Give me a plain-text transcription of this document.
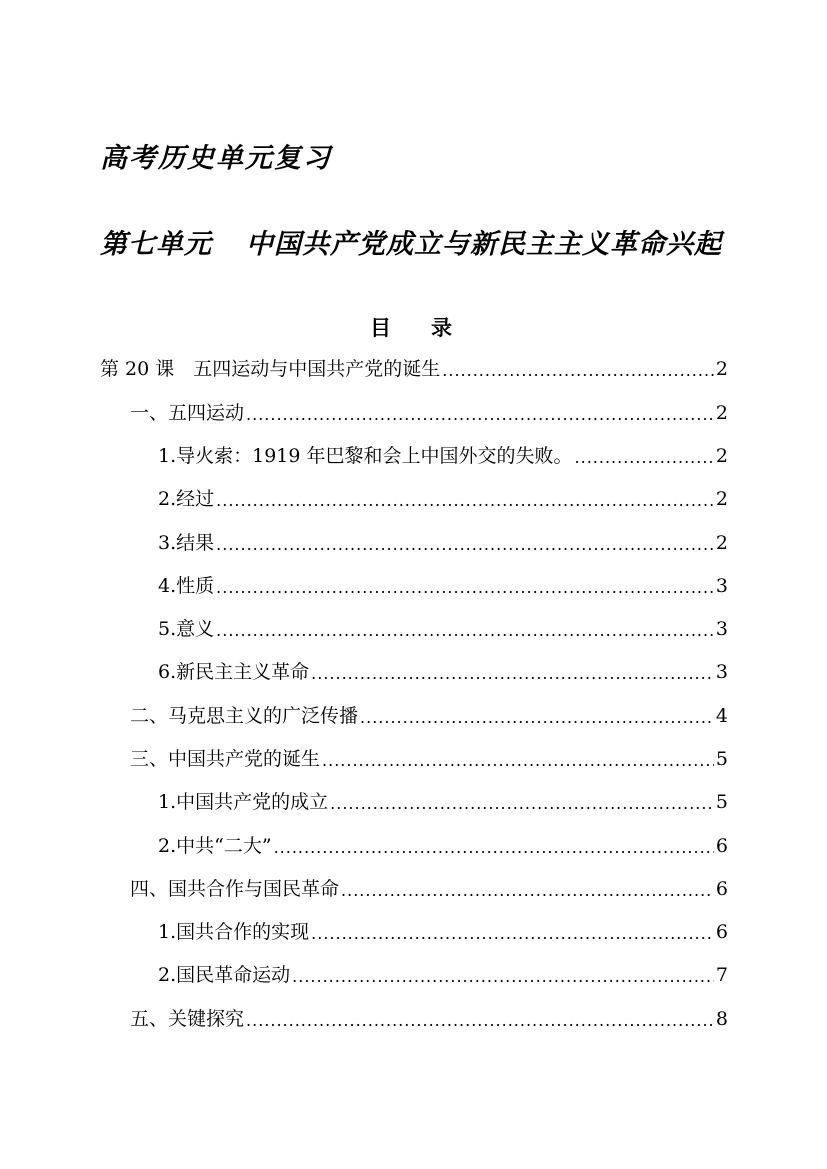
高考历史单元复习
第七单元 中国共产党成立与新民主主义革命兴起
目 录
第 20 课　五四运动与中国共产党的诞生 .....	2
一、五四运动 .....	2
1.导火索：1919 年巴黎和会上中国外交的失败。 .....	2
2.经过 .....	2
3.结果 .....	2
4.性质 .....	3
5.意义 .....	3
6.新民主主义革命 .....	3
二、马克思主义的广泛传播 .....	4
三、中国共产党的诞生 .....	5
1.中国共产党的成立 .....	5
2.中共“二大” .....	6
四、国共合作与国民革命 .....	6
1.国共合作的实现 .....	6
2.国民革命运动 .....	7
五、关键探究 .....	8
